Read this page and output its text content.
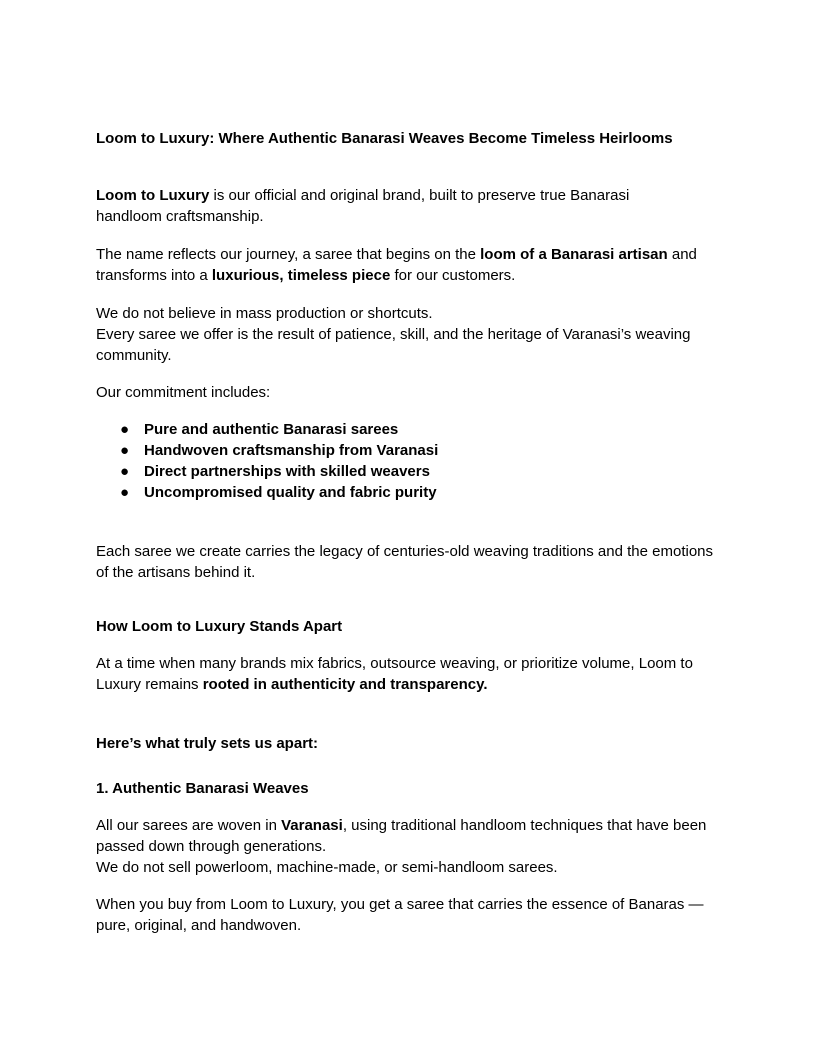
Loom to Luxury: Where Authentic Banarasi Weaves Become Timeless Heirlooms

Loom to Luxury is our official and original brand, built to preserve true Banarasi handloom craftsmanship.

The name reflects our journey, a saree that begins on the loom of a Banarasi artisan and transforms into a luxurious, timeless piece for our customers.

We do not believe in mass production or shortcuts.
Every saree we offer is the result of patience, skill, and the heritage of Varanasi’s weaving community.

Our commitment includes:

● Pure and authentic Banarasi sarees
● Handwoven craftsmanship from Varanasi
● Direct partnerships with skilled weavers
● Uncompromised quality and fabric purity

Each saree we create carries the legacy of centuries-old weaving traditions and the emotions of the artisans behind it.

How Loom to Luxury Stands Apart

At a time when many brands mix fabrics, outsource weaving, or prioritize volume, Loom to Luxury remains rooted in authenticity and transparency.

Here’s what truly sets us apart:
1. Authentic Banarasi Weaves

All our sarees are woven in Varanasi, using traditional handloom techniques that have been passed down through generations.
We do not sell powerloom, machine-made, or semi-handloom sarees.

When you buy from Loom to Luxury, you get a saree that carries the essence of Banaras — pure, original, and handwoven.
